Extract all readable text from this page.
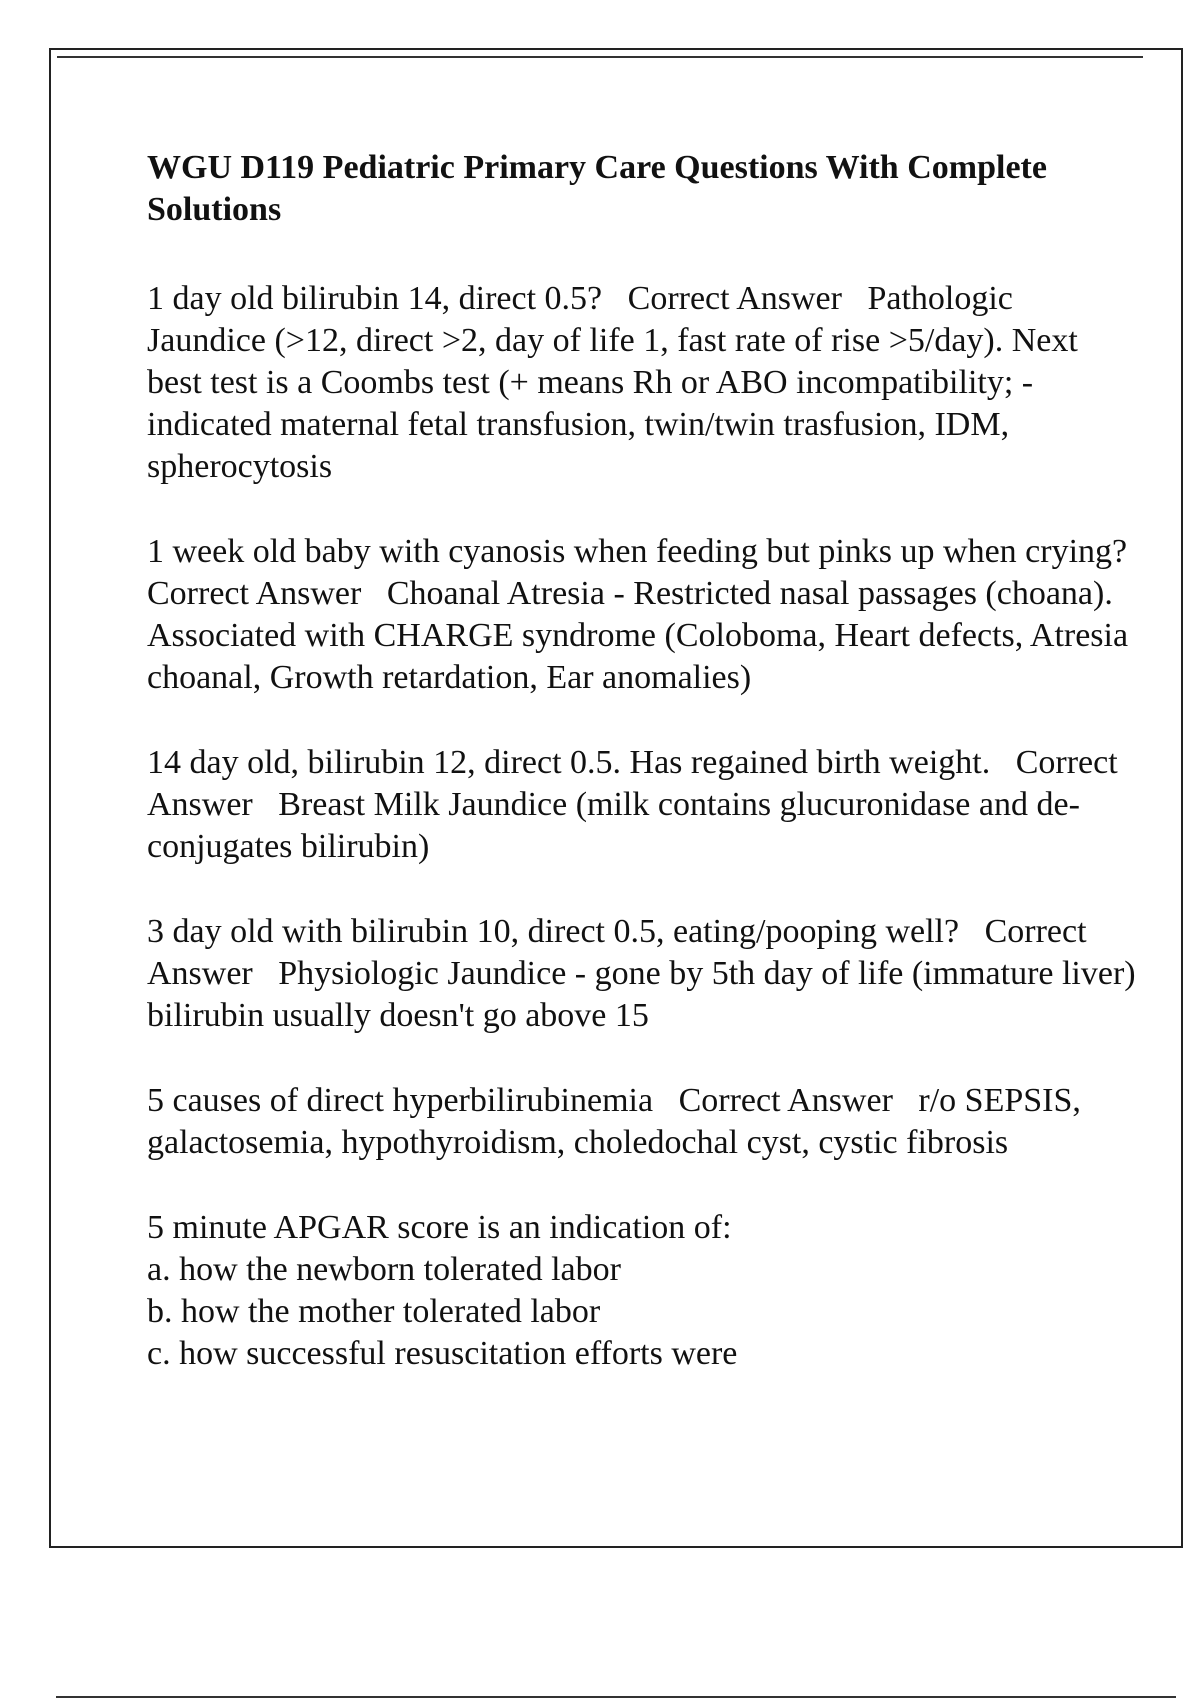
WGU D119 Pediatric Primary Care Questions With Complete Solutions

1 day old bilirubin 14, direct 0.5? Correct Answer Pathologic Jaundice (>12, direct >2, day of life 1, fast rate of rise >5/day). Next best test is a Coombs test (+ means Rh or ABO incompatibility; - indicated maternal fetal transfusion, twin/twin trasfusion, IDM, spherocytosis

1 week old baby with cyanosis when feeding but pinks up when crying?   Correct Answer Choanal Atresia - Restricted nasal passages (choana). Associated with CHARGE syndrome (Coloboma, Heart defects, Atresia choanal, Growth retardation, Ear anomalies)

14 day old, bilirubin 12, direct 0.5. Has regained birth weight. Correct Answer Breast Milk Jaundice (milk contains glucuronidase and de-conjugates bilirubin)

3 day old with bilirubin 10, direct 0.5, eating/pooping well? Correct Answer Physiologic Jaundice - gone by 5th day of life (immature liver) bilirubin usually doesn't go above 15

5 causes of direct hyperbilirubinemia Correct Answer r/o SEPSIS, galactosemia, hypothyroidism, choledochal cyst, cystic fibrosis

5 minute APGAR score is an indication of:
a. how the newborn tolerated labor
b. how the mother tolerated labor
c. how successful resuscitation efforts were
